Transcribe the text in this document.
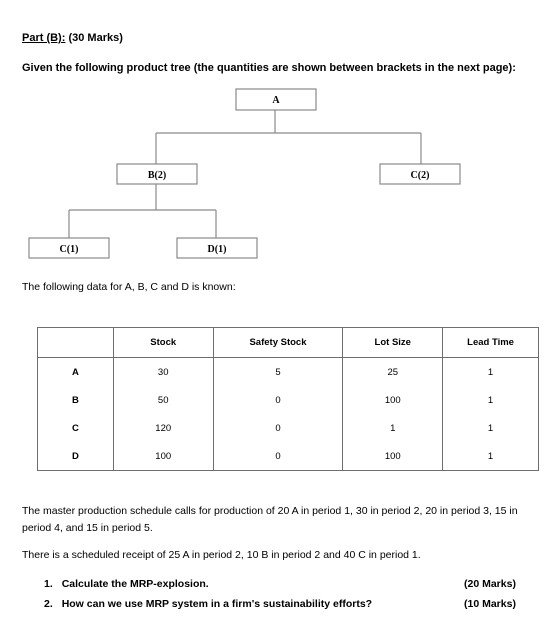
Part (B): (30 Marks)
Given the following product tree (the quantities are shown between brackets in the next page):
A
B(2)	C(2)
C(1)	D(1)
The following data for A, B, C and D is known:
	Stock	Safety Stock	Lot Size	Lead Time
A	30	5	25	1
B	50	0	100	1
C	120	0	1	1
D	100	0	100	1
The master production schedule calls for production of 20 A in period 1, 30 in period 2, 20 in period 3, 15 in period 4, and 15 in period 5.
There is a scheduled receipt of 25 A in period 2, 10 B in period 2 and 40 C in period 1.
1. Calculate the MRP-explosion.	(20 Marks)
2. How can we use MRP system in a firm's sustainability efforts?	(10 Marks)
